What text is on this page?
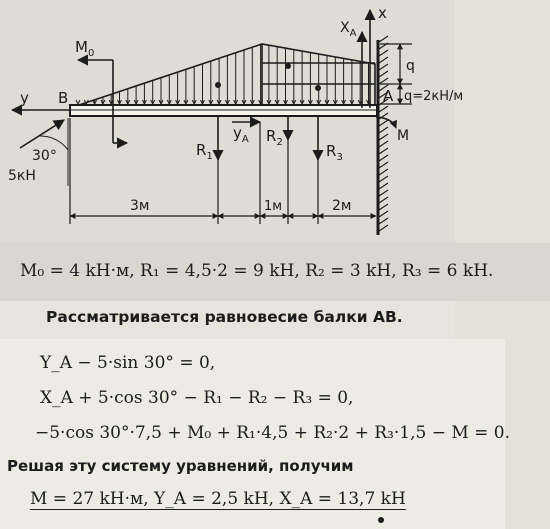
x
$X_A$
$M_0$
q
q=2кН/м
y B	A
30°
5кН
M
$R_1$
$y_A$ $R_2$	$R_3$
3м	1м	2м
M₀ = 4 kH·м, R₁ = 4,5·2 = 9 kH, R₂ = 3 kH, R₃ = 6 kH.
Рассматривается равновесие балки AB.
Y_A − 5·sin 30° = 0,
X_A + 5·cos 30° − R₁ − R₂ − R₃ = 0,
−5·cos 30°·7,5 + M₀ + R₁·4,5 + R₂·2 + R₃·1,5 − M = 0.
Решая эту систему уравнений, получим
M = 27 kH·м, Y_A = 2,5 kH, X_A = 13,7 kH
